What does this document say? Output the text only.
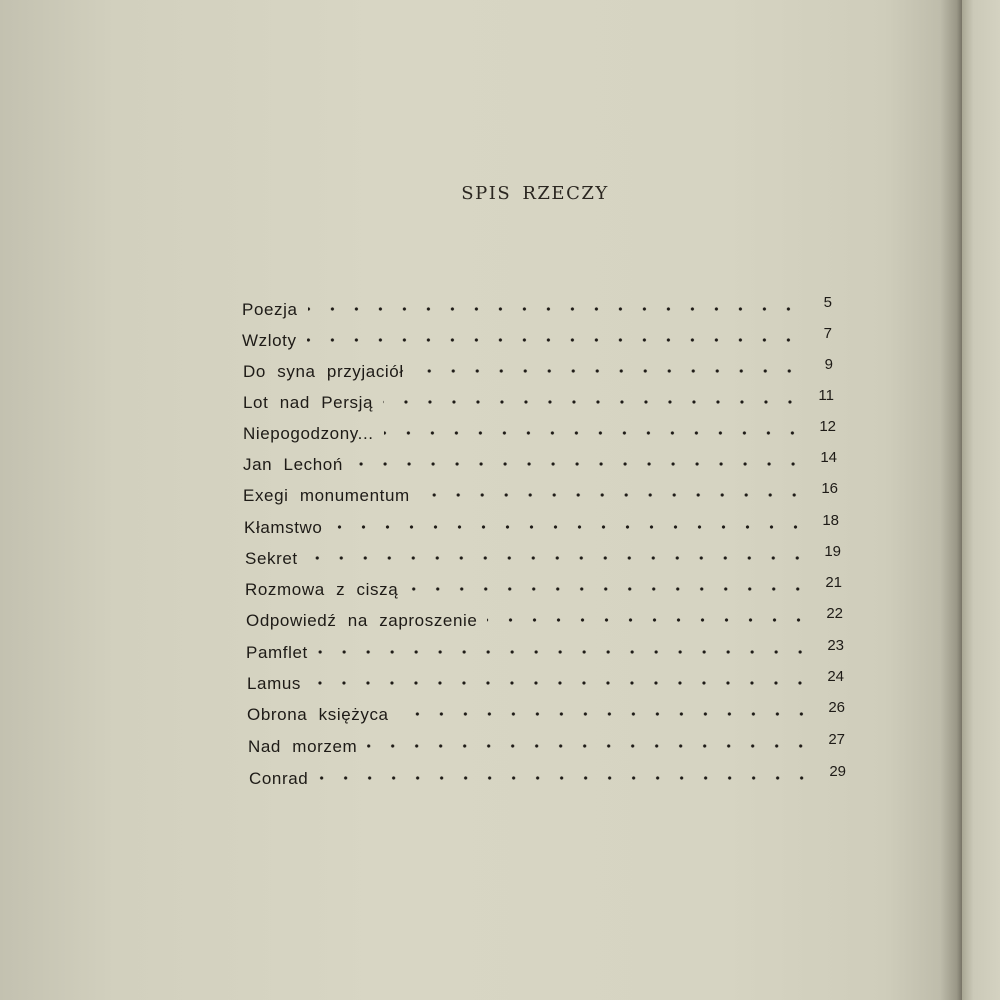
SPIS RZECZY
Poezja	5
Wzloty	7
Do syna przyjaciół	9
Lot nad Persją	11
Niepogodzony...	12
Jan Lechoń	14
Exegi monumentum	16
Kłamstwo	18
Sekret	19
Rozmowa z ciszą	21
Odpowiedź na zaproszenie	22
Pamflet	23
Lamus	24
Obrona księżyca	26
Nad morzem	27
Conrad	29
